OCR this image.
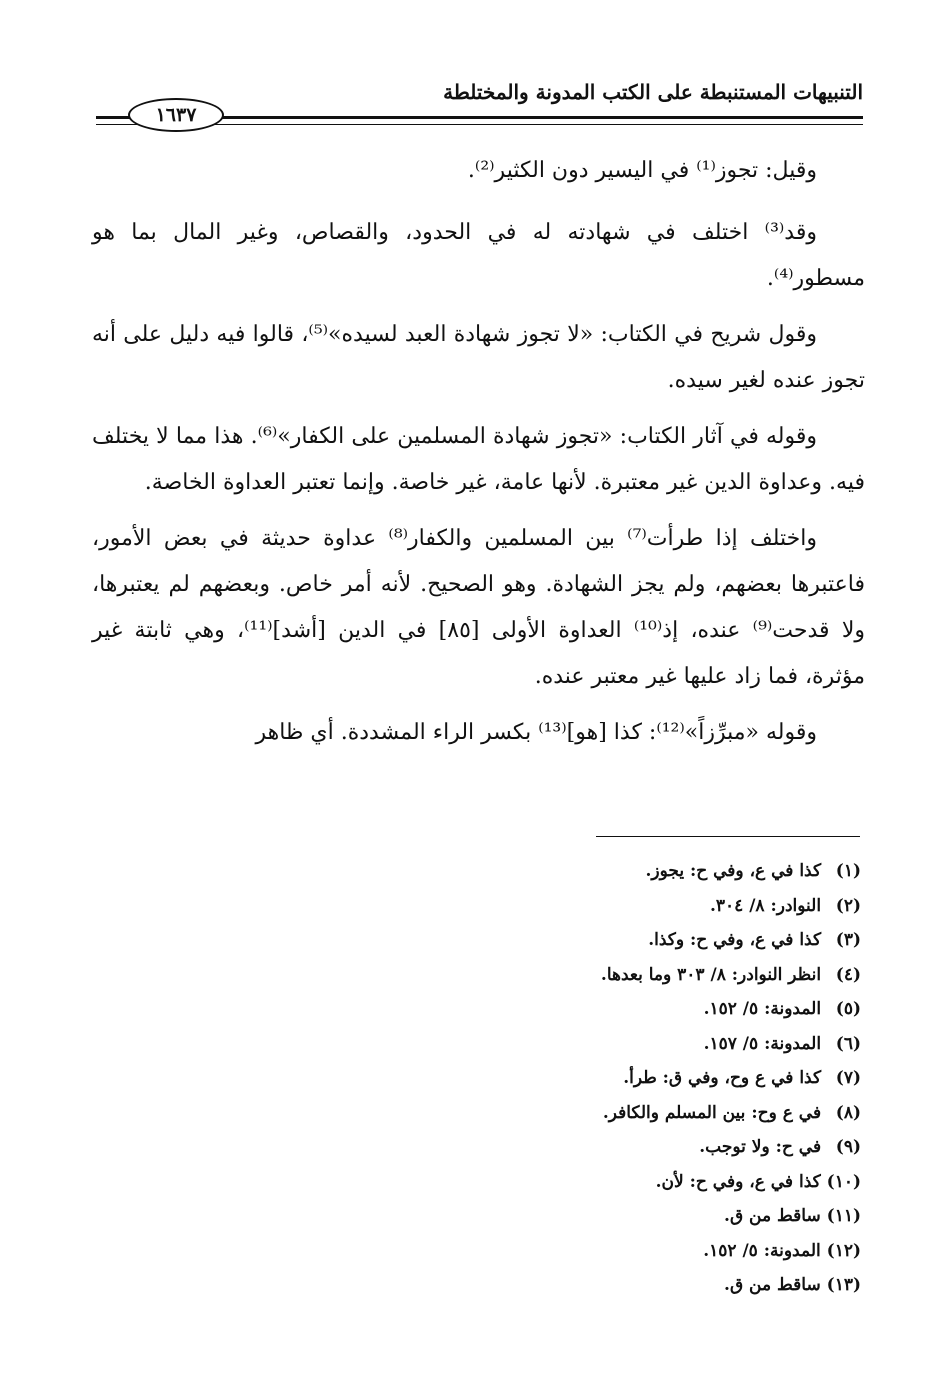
التنبيهات المستنبطة على الكتب المدونة والمختلطة
١٦٣٧

وقيل: تجوز⁽¹⁾ في اليسير دون الكثير⁽²⁾.

وقد⁽³⁾ اختلف في شهادته له في الحدود، والقصاص، وغير المال بما هو مسطور⁽⁴⁾.

وقول شريح في الكتاب: «لا تجوز شهادة العبد لسيده»⁽⁵⁾، قالوا فيه دليل على أنه تجوز عنده لغير سيده.

وقوله في آثار الكتاب: «تجوز شهادة المسلمين على الكفار»⁽⁶⁾. هذا مما لا يختلف فيه. وعداوة الدين غير معتبرة. لأنها عامة، غير خاصة. وإنما تعتبر العداوة الخاصة.

واختلف إذا طرأت⁽⁷⁾ بين المسلمين والكفار⁽⁸⁾ عداوة حديثة في بعض الأمور، فاعتبرها بعضهم، ولم يجز الشهادة. وهو الصحيح. لأنه أمر خاص. وبعضهم لم يعتبرها، ولا قدحت⁽⁹⁾ عنده، إذ⁽¹⁰⁾ العداوة الأولى [٨٥] في الدين [أشد]⁽¹¹⁾، وهي ثابتة غير مؤثرة، فما زاد عليها غير معتبر عنده.

وقوله «مبرِّزاً»⁽¹²⁾: كذا [هو]⁽¹³⁾ بكسر الراء المشددة. أي ظاهر

(١) كذا في ع، وفي ح: يجوز.
(٢) النوادر: ٨/ ٣٠٤.
(٣) كذا في ع، وفي ح: وكذا.
(٤) انظر النوادر: ٨/ ٣٠٣ وما بعدها.
(٥) المدونة: ٥/ ١٥٢.
(٦) المدونة: ٥/ ١٥٧.
(٧) كذا في ع وح، وفي ق: طرأ.
(٨) في ع وح: بين المسلم والكافر.
(٩) في ح: ولا توجب.
(١٠) كذا في ع، وفي ح: لأن.
(١١) ساقط من ق.
(١٢) المدونة: ٥/ ١٥٢.
(١٣) ساقط من ق.
